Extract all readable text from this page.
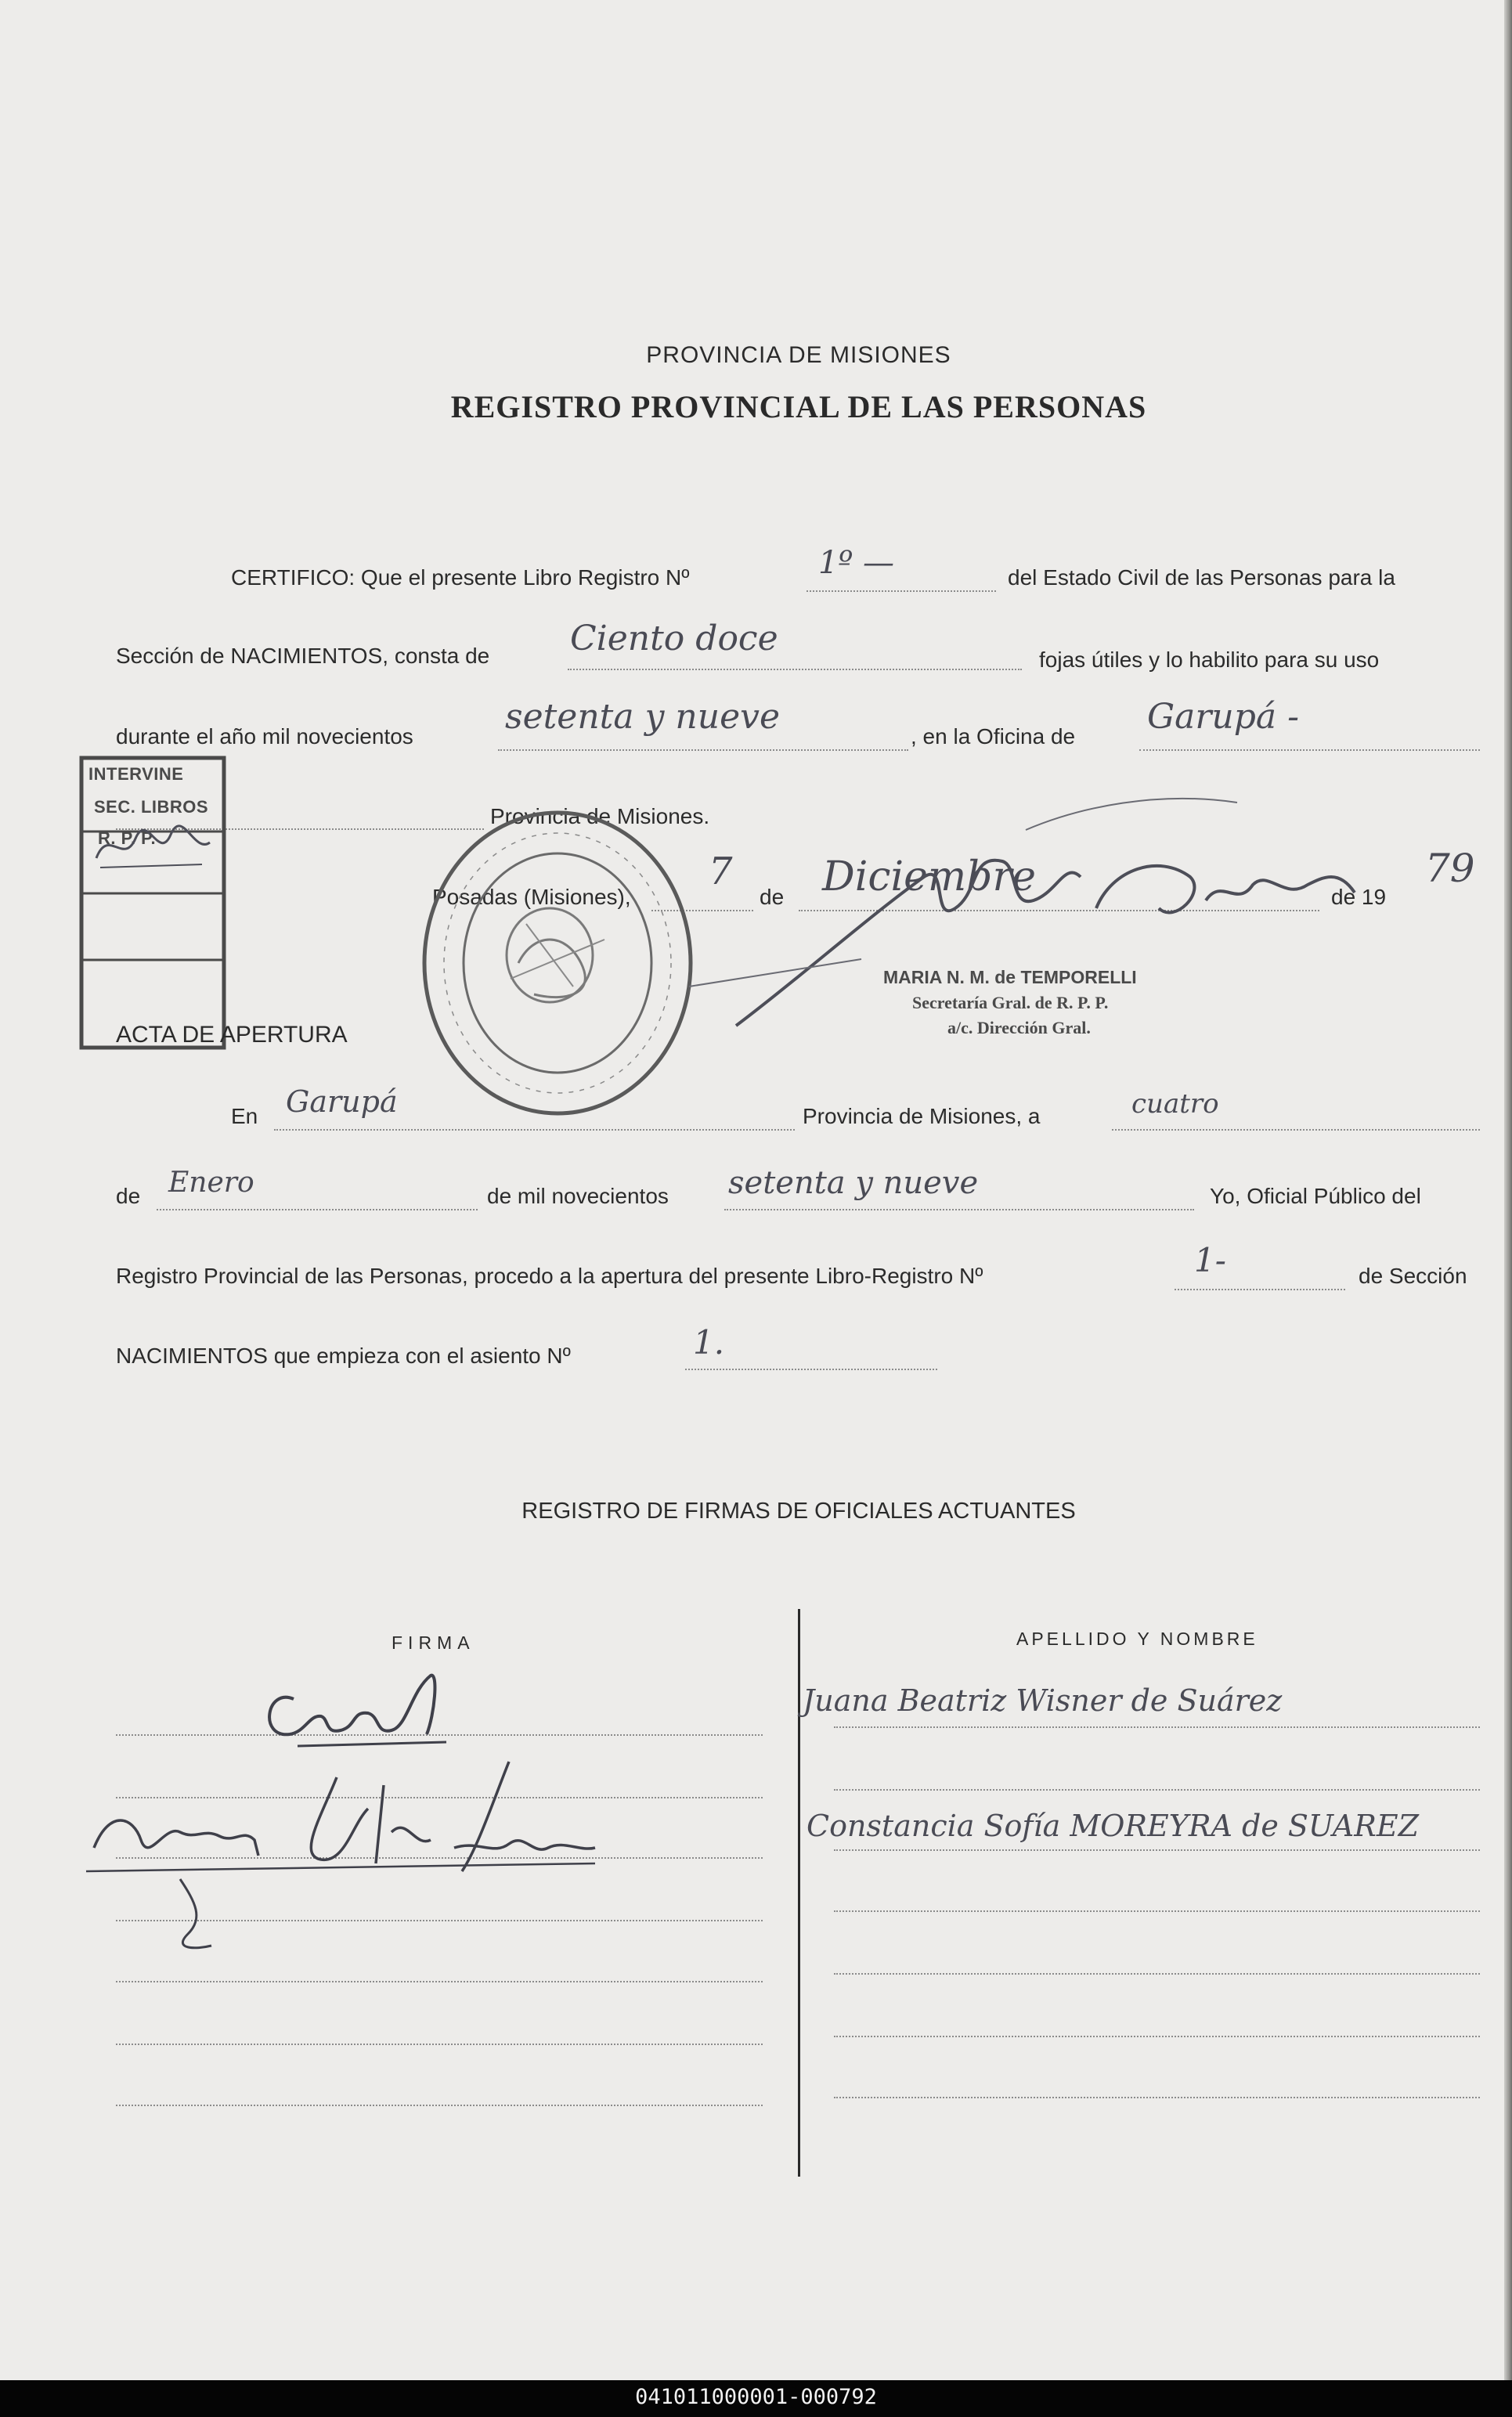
PROVINCIA DE MISIONES
REGISTRO PROVINCIAL DE LAS PERSONAS
CERTIFICO: Que el presente Libro Registro Nº	1º —	del Estado Civil de las Personas para la
Sección de NACIMIENTOS, consta de Ciento doce
fojas útiles y lo habilito para su uso
durante el año mil novecientos	setenta y nueve	, en la Oficina de Garupá -
Provincia de Misiones.
Posadas (Misiones),
7
de Diciembre	de 19
79
INTERVINE
SEC. LIBROS
R. P. P.
MARIA N. M. de TEMPORELLI
Secretaría Gral. de R. P. P.
a/c. Dirección Gral.
ACTA DE APERTURA
En Garupá	Provincia de Misiones, a	cuatro
de Enero	de mil novecientos setenta y nueve	Yo, Oficial Público del
Registro Provincial de las Personas, procedo a la apertura del presente Libro-Registro Nº	1-	de Sección
NACIMIENTOS que empieza con el asiento Nº	1.
REGISTRO DE FIRMAS DE OFICIALES ACTUANTES
FIRMA	APELLIDO Y NOMBRE
Juana Beatriz Wisner de Suárez
Constancia Sofía MOREYRA de SUAREZ
041011000001-000792
